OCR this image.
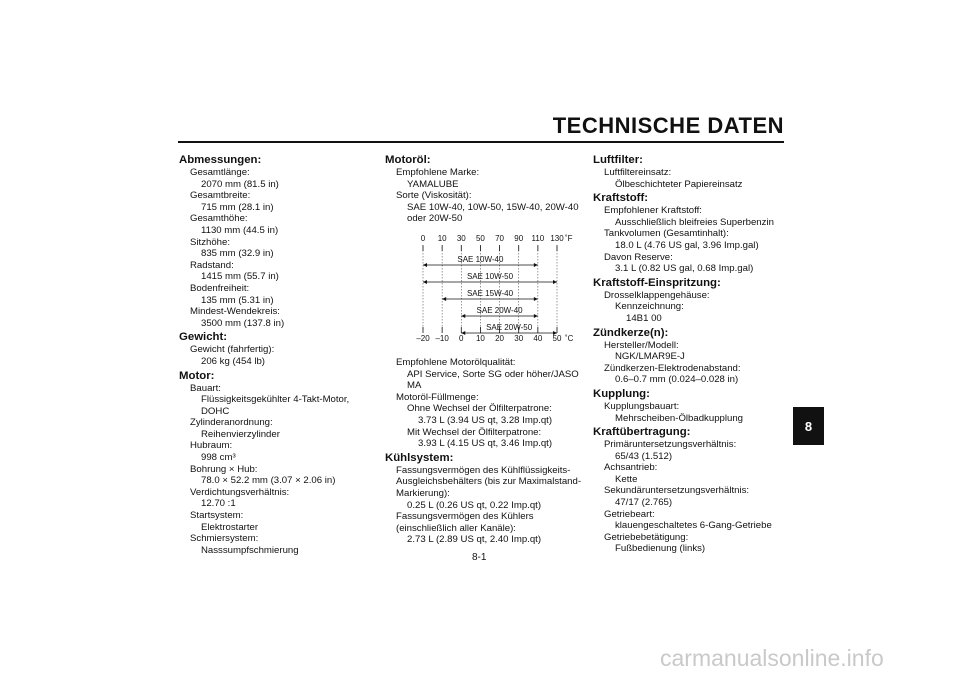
TECHNISCHE DATEN
Abmessungen:
Gesamtlänge:
2070 mm (81.5 in)
Gesamtbreite:
715 mm (28.1 in)
Gesamthöhe:
1130 mm (44.5 in)
Sitzhöhe:
835 mm (32.9 in)
Radstand:
1415 mm (55.7 in)
Bodenfreiheit:
135 mm (5.31 in)
Mindest-Wendekreis:
3500 mm (137.8 in)
Gewicht:
Gewicht (fahrfertig):
206 kg (454 lb)
Motor:
Bauart:
Flüssigkeitsgekühlter 4-Takt-Motor, DOHC
Zylinderanordnung:
Reihenvierzylinder
Hubraum:
998 cm³
Bohrung × Hub:
78.0 × 52.2 mm (3.07 × 2.06 in)
Verdichtungsverhältnis:
12.70 :1
Startsystem:
Elektrostarter
Schmiersystem:
Nasssumpfschmierung
Motoröl:
Empfohlene Marke:
YAMALUBE
Sorte (Viskosität):
SAE 10W-40, 10W-50, 15W-40, 20W-40
oder 20W-50
–20 –10 0 10 20 30 40 50
0 10 30 50 70 90 110 130 ˚F
˚C
SAE 10W-40
SAE 10W-50
SAE 15W-40
SAE 20W-40
SAE 20W-50
Empfohlene Motorölqualität:
API Service, Sorte SG oder höher/JASO
MA
Motoröl-Füllmenge:
Ohne Wechsel der Ölfilterpatrone:
3.73 L (3.94 US qt, 3.28 Imp.qt)
Mit Wechsel der Ölfilterpatrone:
3.93 L (4.15 US qt, 3.46 Imp.qt)
Kühlsystem:
Fassungsvermögen des Kühlflüssigkeits-
Ausgleichsbehälters (bis zur Maximalstand-
Markierung):
0.25 L (0.26 US qt, 0.22 Imp.qt)
Fassungsvermögen des Kühlers
(einschließlich aller Kanäle):
2.73 L (2.89 US qt, 2.40 Imp.qt)
Luftfilter:
Luftfiltereinsatz:
Ölbeschichteter Papiereinsatz
Kraftstoff:
Empfohlener Kraftstoff:
Ausschließlich bleifreies Superbenzin
Tankvolumen (Gesamtinhalt):
18.0 L (4.76 US gal, 3.96 Imp.gal)
Davon Reserve:
3.1 L (0.82 US gal, 0.68 Imp.gal)
Kraftstoff-Einspritzung:
Drosselklappengehäuse:
Kennzeichnung:
14B1 00
Zündkerze(n):
Hersteller/Modell:
NGK/LMAR9E-J
Zündkerzen-Elektrodenabstand:
0.6–0.7 mm (0.024–0.028 in)
Kupplung:
Kupplungsbauart:
Mehrscheiben-Ölbadkupplung
Kraftübertragung:
Primäruntersetzungsverhältnis:
65/43 (1.512)
Achsantrieb:
Kette
Sekundäruntersetzungsverhältnis:
47/17 (2.765)
Getriebeart:
klauengeschaltetes 6-Gang-Getriebe
Getriebebetätigung:
Fußbedienung (links)
8-1
8
carmanualsonline.info
